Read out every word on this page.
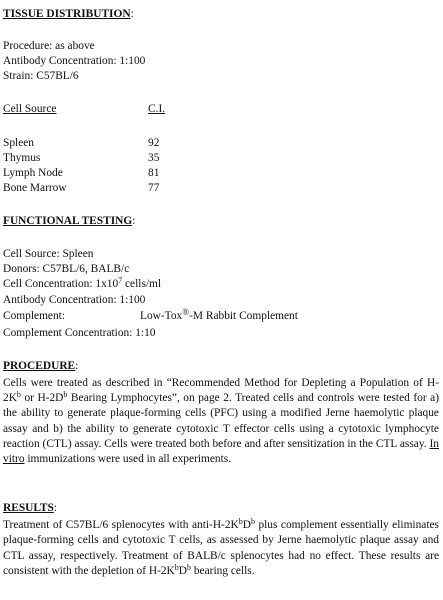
TISSUE DISTRIBUTION:
Procedure: as above
Antibody Concentration: 1:100
Strain: C57BL/6
Cell Source	C.I.
Spleen	92
Thymus	35
Lymph Node	81
Bone Marrow	77
FUNCTIONAL TESTING:
Cell Source: Spleen
Donors: C57BL/6, BALB/c
Cell Concentration: $1x10^7$ cells/ml
Antibody Concentration: 1:100
Complement:	Low-Tox®-M Rabbit Complement
Complement Concentration: 1:10
PROCEDURE:
Cells were treated as described in “Recommended Method for Depleting a Population of $H-2K^b$ or $H-2D^b$ Bearing Lymphocytes”, on page 2. Treated cells and controls were tested for a) the ability to generate plaque-forming cells (PFC) using a modified Jerne haemolytic plaque assay and b) the ability to generate cytotoxic T effector cells using a cytotoxic lymphocyte reaction (CTL) assay. Cells were treated both before and after sensitization in the CTL assay. In vitro immunizations were used in all experiments.
RESULTS:
Treatment of C57BL/6 splenocytes with anti-$H-2K^bD^b$ plus complement essentially eliminates plaque-forming cells and cytotoxic T cells, as assessed by Jerne haemolytic plaque assay and CTL assay, respectively. Treatment of BALB/c splenocytes had no effect. These results are consistent with the depletion of $H-2K^bD^b$ bearing cells.
